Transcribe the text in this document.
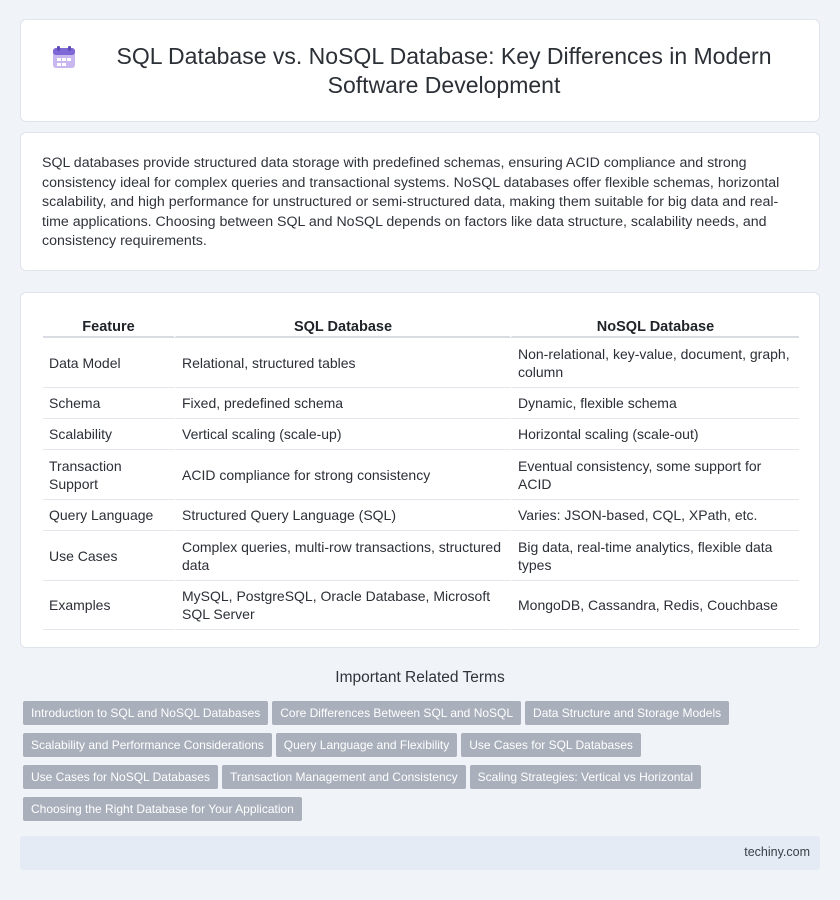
SQL Database vs. NoSQL Database: Key Differences in Modern Software Development

SQL databases provide structured data storage with predefined schemas, ensuring ACID compliance and strong consistency ideal for complex queries and transactional systems. NoSQL databases offer flexible schemas, horizontal scalability, and high performance for unstructured or semi-structured data, making them suitable for big data and real-time applications. Choosing between SQL and NoSQL depends on factors like data structure, scalability needs, and consistency requirements.

Feature	SQL Database	NoSQL Database
Data Model	Relational, structured tables	Non-relational, key-value, document, graph, column
Schema	Fixed, predefined schema	Dynamic, flexible schema
Scalability	Vertical scaling (scale-up)	Horizontal scaling (scale-out)
Transaction Support	ACID compliance for strong consistency	Eventual consistency, some support for ACID
Query Language	Structured Query Language (SQL)	Varies: JSON-based, CQL, XPath, etc.
Use Cases	Complex queries, multi-row transactions, structured data	Big data, real-time analytics, flexible data types
Examples	MySQL, PostgreSQL, Oracle Database, Microsoft SQL Server	MongoDB, Cassandra, Redis, Couchbase
Important Related Terms
Introduction to SQL and NoSQL Databases Core Differences Between SQL and NoSQL Data Structure and Storage Models
Scalability and Performance Considerations Query Language and Flexibility Use Cases for SQL Databases
Use Cases for NoSQL Databases Transaction Management and Consistency Scaling Strategies: Vertical vs Horizontal
Choosing the Right Database for Your Application
techiny.com
